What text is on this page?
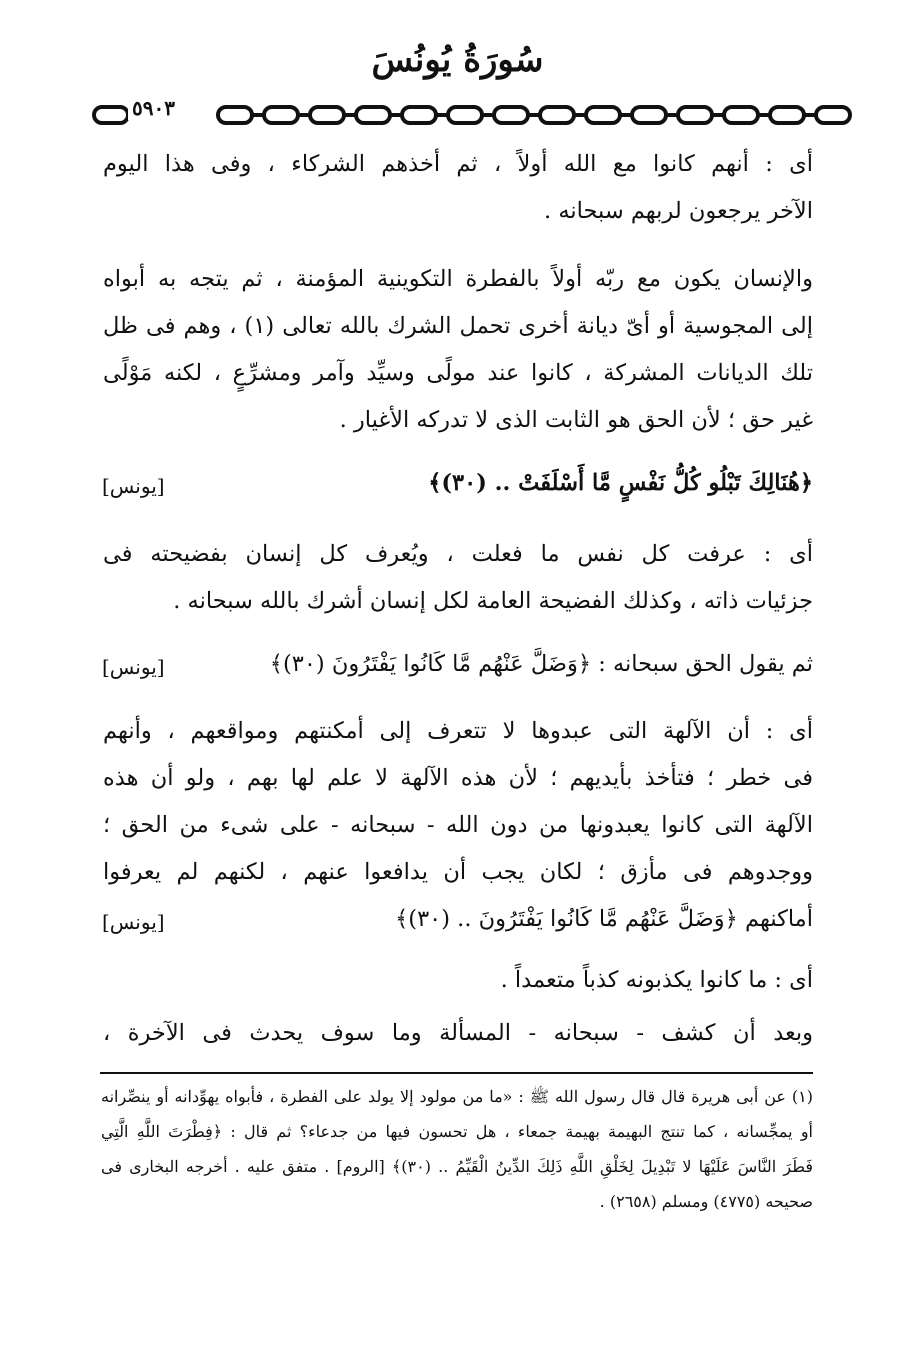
سُورَةُ يُونُسَ
٥٩٠٣
أى : أنهم كانوا مع الله أولاً ، ثم أخذهم الشركاء ، وفى هذا اليوم
الآخر يرجعون لربهم سبحانه .
والإنسان يكون مع ربّه أولاً بالفطرة التكوينية المؤمنة ، ثم يتجه به أبواه
إلى المجوسية أو أىّ ديانة أخرى تحمل الشرك بالله تعالى (١) ، وهم فى ظل
تلك الديانات المشركة ، كانوا عند مولًى وسيِّد وآمر ومشرِّعٍ ، لكنه مَوْلًى
غير حق ؛ لأن الحق هو الثابت الذى لا تدركه الأغيار .
﴿هُنَالِكَ تَبْلُو كُلُّ نَفْسٍ مَّا أَسْلَفَتْ .. (٣٠)﴾
[يونس]
أى : عرفت كل نفس ما فعلت ، ويُعرف كل إنسان بفضيحته فى
جزئيات ذاته ، وكذلك الفضيحة العامة لكل إنسان أشرك بالله سبحانه .
ثم يقول الحق سبحانه : ﴿وَضَلَّ عَنْهُم مَّا كَانُوا يَفْتَرُونَ (٣٠)﴾
[يونس]
أى : أن الآلهة التى عبدوها لا تتعرف إلى أمكنتهم ومواقعهم ، وأنهم
فى خطر ؛ فتأخذ بأيديهم ؛ لأن هذه الآلهة لا علم لها بهم ، ولو أن هذه
الآلهة التى كانوا يعبدونها من دون الله - سبحانه - على شىء من الحق ؛
ووجدوهم فى مأزق ؛ لكان يجب أن يدافعوا عنهم ، لكنهم لم يعرفوا
أماكنهم ﴿وَضَلَّ عَنْهُم مَّا كَانُوا يَفْتَرُونَ .. (٣٠)﴾
[يونس]
أى : ما كانوا يكذبونه كذباً متعمداً .
وبعد أن كشف - سبحانه - المسألة وما سوف يحدث فى الآخرة ،
(١) عن أبى هريرة قال قال رسول الله ﷺ : «ما من مولود إلا يولد على الفطرة ، فأبواه يهوِّدانه أو ينصِّرانه
أو يمجِّسانه ، كما تنتج البهيمة بهيمة جمعاء ، هل تحسون فيها من جدعاء؟ ثم قال : ﴿فِطْرَتَ اللَّهِ الَّتِي
فَطَرَ النَّاسَ عَلَيْهَا لا تَبْدِيلَ لِخَلْقِ اللَّهِ ذَلِكَ الدِّينُ الْقَيِّمُ .. (٣٠)﴾ [الروم] . متفق عليه . أخرجه البخارى فى
صحيحه (٤٧٧٥) ومسلم (٢٦٥٨) .
